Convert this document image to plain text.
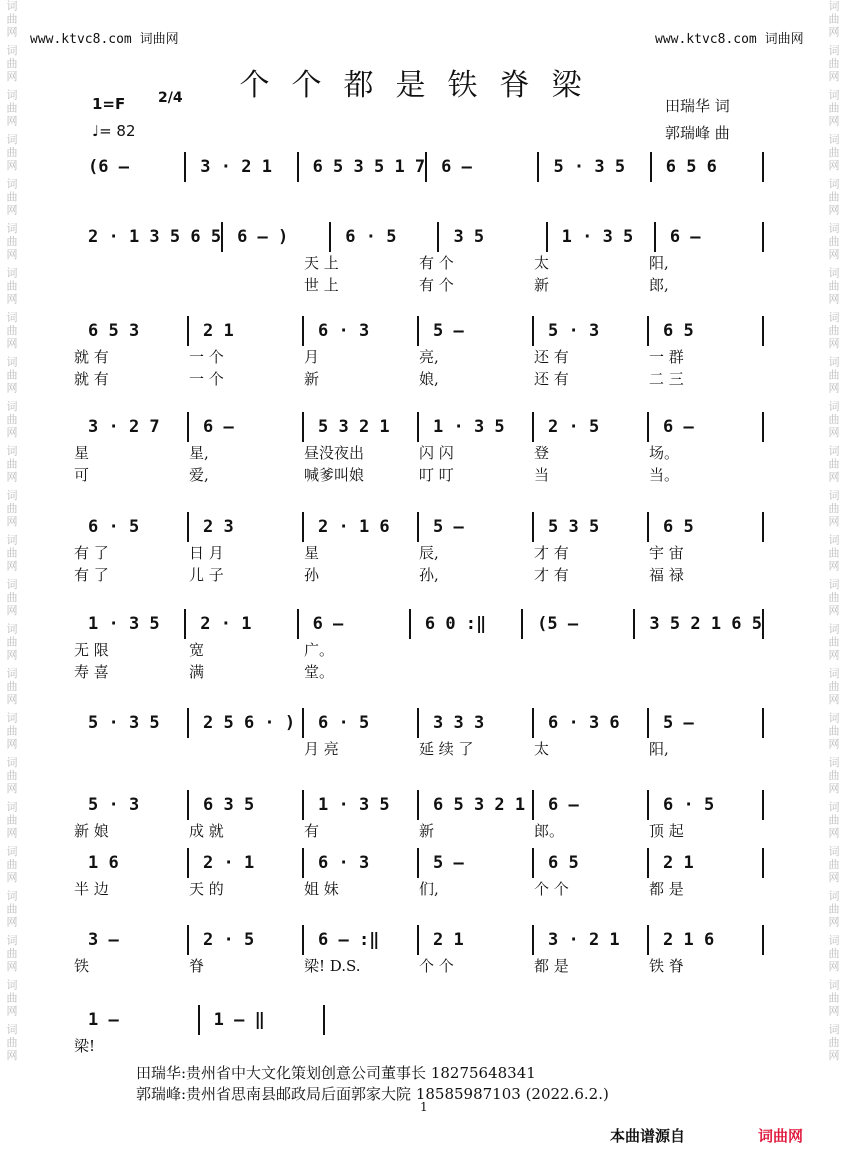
词曲网 词曲网 词曲网 词曲网 词曲网 词曲网 词曲网 词曲网 词曲网 词曲网 词曲网 词曲网 词曲网 词曲网 词曲网 词曲网 词曲网 词曲网 词曲网 词曲网 词曲网 词曲网 词曲网 词曲网	词曲网 词曲网 词曲网 词曲网 词曲网 词曲网 词曲网 词曲网 词曲网 词曲网 词曲网 词曲网 词曲网 词曲网 词曲网 词曲网 词曲网 词曲网 词曲网 词曲网 词曲网 词曲网 词曲网 词曲网
www.ktvc8.com 词曲网	www.ktvc8.com 词曲网
个个都是铁脊梁
1=F 2/4
♩= 82
田瑞华 词
郭瑞峰 曲
(6 –	3 · 2 1	6 5 3 5 1 7 6 –	5 · 3 5	6 5 6
2 · 1 3 5 6 5 6 – )	6 · 5	3 5	1 · 3 5	6 –
天 上	有 个	太	阳,
世 上	有 个	新	郎,
6 5 3	2 1	6 · 3	5 –	5 · 3	6 5
就 有	一 个	月	亮,	还 有	一 群
就 有	一 个	新	娘,	还 有	二 三
3 · 2 7	6 –	5 3 2 1	1 · 3 5	2 · 5	6 –
星	星,	昼没夜出	闪 闪	登	场。
可	爱,	喊爹叫娘	叮 叮	当	当。
6 · 5	2 3	2 · 1 6	5 –	5 3 5	6 5
有 了	日 月	星	辰,	才 有	宇 宙
有 了	儿 子	孙	孙,	才 有	福 禄
1 · 3 5	2 · 1	6 –	6 0 :‖	(5 –	3 5 2 1 6 5
无 限	宽	广。
寿 喜	满	堂。
5 · 3 5	2 5 6 · )	6 · 5	3 3 3	6 · 3 6	5 –
月 亮	延 续 了	太	阳,
5 · 3	6 3 5	1 · 3 5	6 5 3 2 1	6 –	6 · 5
新 娘	成 就	有	新	郎。	顶 起
1 6	2 · 1	6 · 3	5 –	6 5	2 1
半 边	天 的	姐 妹	们,	个 个	都 是
3 –	2 · 5	6 – :‖	2 1	3 · 2 1	2 1 6
铁	脊	梁! D.S.	个 个	都 是	铁 脊
1 –	1 – ‖
梁!
田瑞华:贵州省中大文化策划创意公司董事长 18275648341
郭瑞峰:贵州省思南县邮政局后面郭家大院 18585987103 (2022.6.2.)
1
本曲谱源自	词曲网
